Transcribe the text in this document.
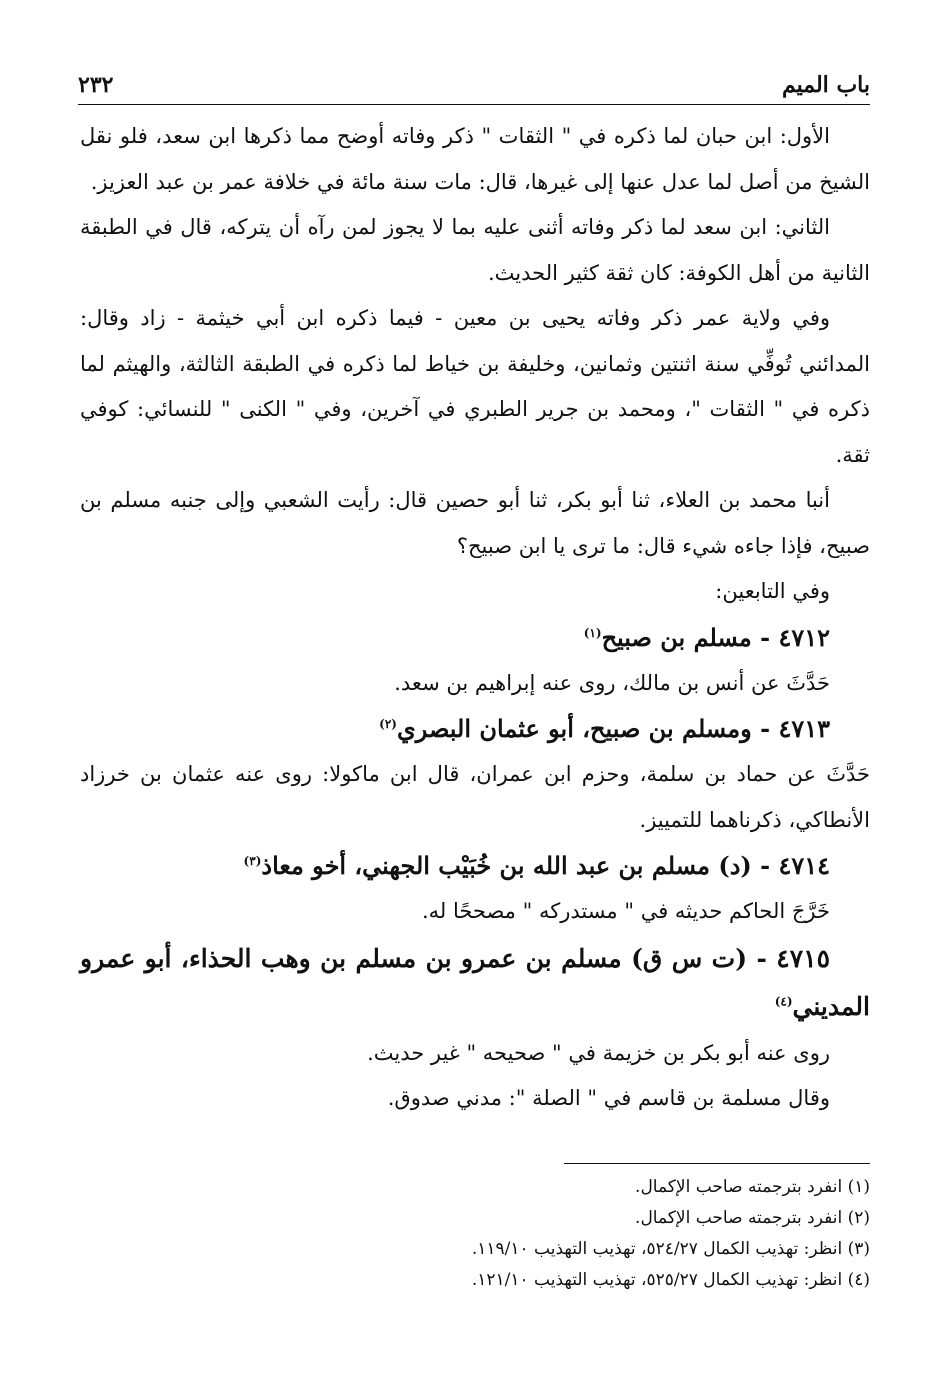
٢٣٢	باب الميم

الأول: ابن حبان لما ذكره في " الثقات " ذكر وفاته أوضح مما ذكرها ابن سعد، فلو نقل الشيخ من أصل لما عدل عنها إلى غيرها، قال: مات سنة مائة في خلافة عمر بن عبد العزيز.

الثاني: ابن سعد لما ذكر وفاته أثنى عليه بما لا يجوز لمن رآه أن يتركه، قال في الطبقة الثانية من أهل الكوفة: كان ثقة كثير الحديث.

وفي ولاية عمر ذكر وفاته يحيى بن معين - فيما ذكره ابن أبي خيثمة - زاد وقال: المدائني تُوفِّي سنة اثنتين وثمانين، وخليفة بن خياط لما ذكره في الطبقة الثالثة، والهيثم لما ذكره في " الثقات "، ومحمد بن جرير الطبري في آخرين، وفي " الكنى " للنسائي: كوفي ثقة.

أنبا محمد بن العلاء، ثنا أبو بكر، ثنا أبو حصين قال: رأيت الشعبي وإلى جنبه مسلم بن صبيح، فإذا جاءه شيء قال: ما ترى يا ابن صبيح؟

وفي التابعين:

٤٧١٢ - مسلم بن صبيح$^{(١)}$

حَدَّثَ عن أنس بن مالك، روى عنه إبراهيم بن سعد.

٤٧١٣ - ومسلم بن صبيح، أبو عثمان البصري$^{(٢)}$

حَدَّثَ عن حماد بن سلمة، وحزم ابن عمران، قال ابن ماكولا: روى عنه عثمان بن خرزاد الأنطاكي، ذكرناهما للتمييز.

٤٧١٤ - (د) مسلم بن عبد الله بن خُبَيْب الجهني، أخو معاذ$^{(٣)}$

خَرَّجَ الحاكم حديثه في " مستدركه " مصححًا له.

٤٧١٥ - (ت س ق) مسلم بن عمرو بن مسلم بن وهب الحذاء، أبو عمرو المديني$^{(٤)}$

روى عنه أبو بكر بن خزيمة في " صحيحه " غير حديث.

وقال مسلمة بن قاسم في " الصلة ": مدني صدوق.

(١) انفرد بترجمته صاحب الإكمال.
(٢) انفرد بترجمته صاحب الإكمال.
(٣) انظر: تهذيب الكمال ٥٢٤/٢٧، تهذيب التهذيب ١١٩/١٠.
(٤) انظر: تهذيب الكمال ٥٢٥/٢٧، تهذيب التهذيب ١٢١/١٠.
